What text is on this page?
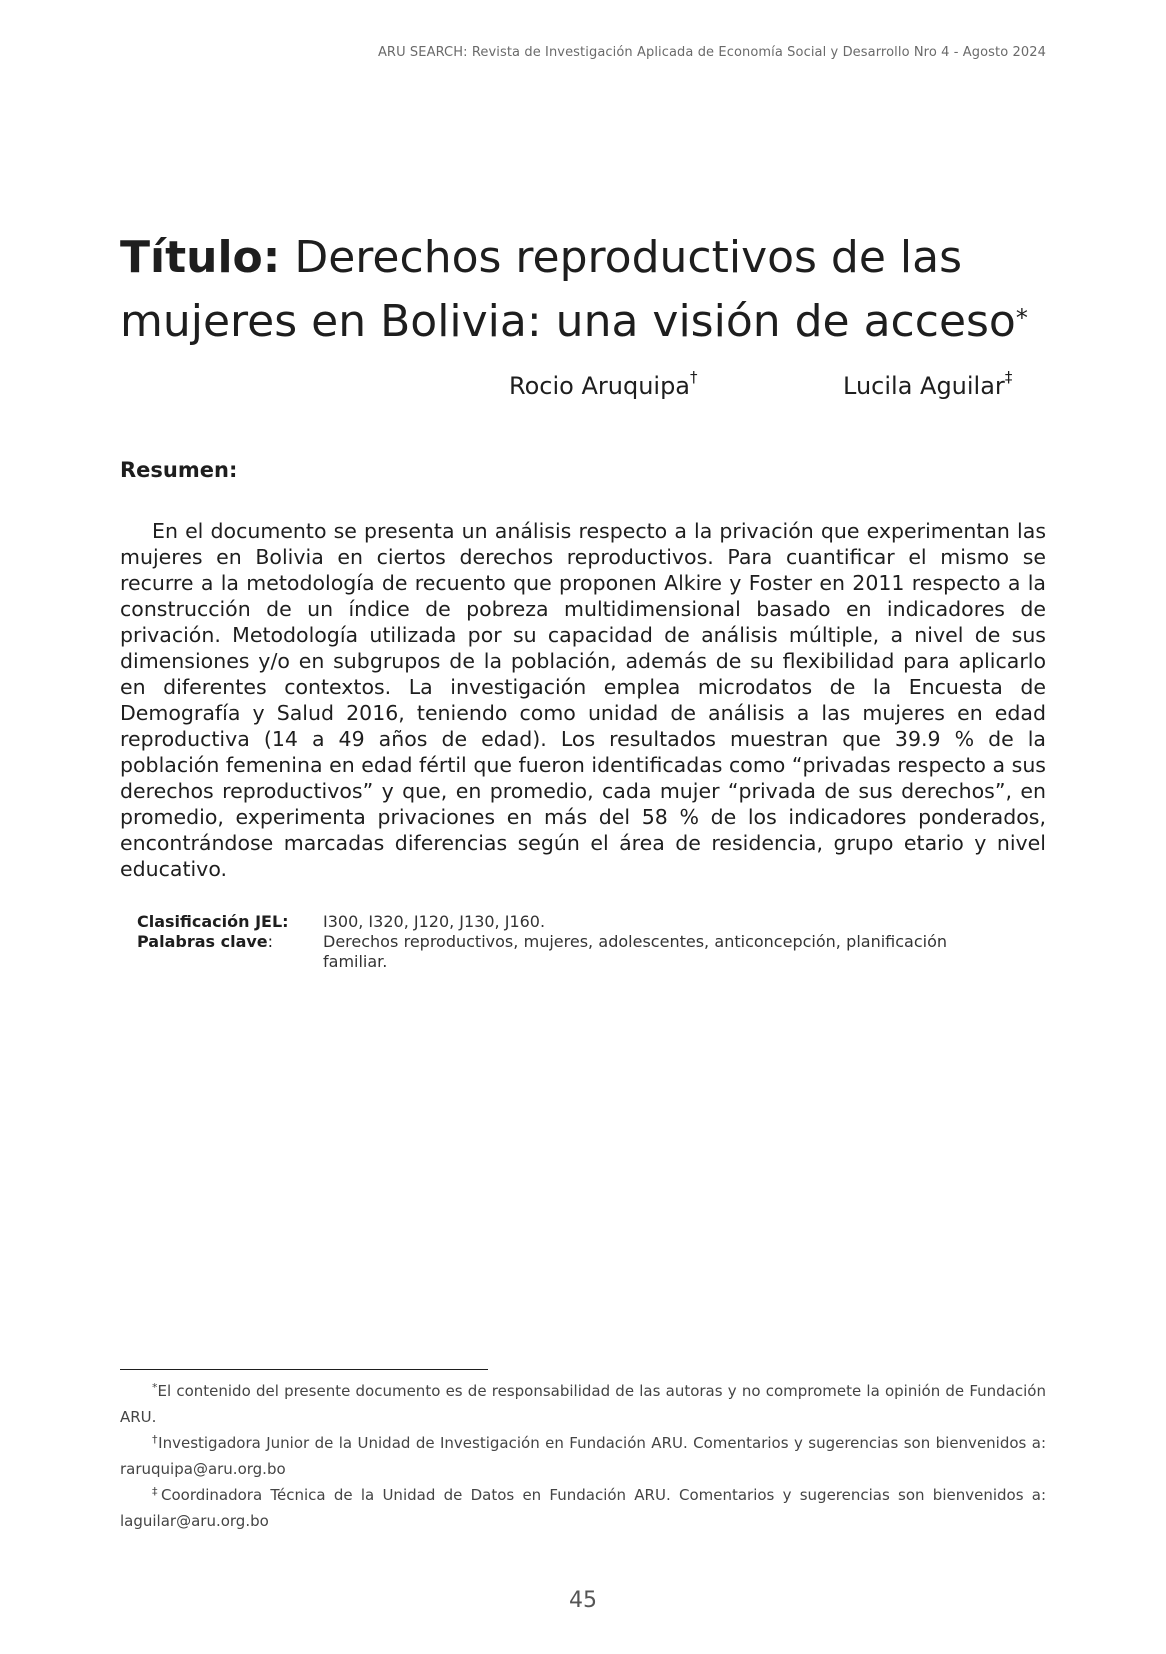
ARU SEARCH: Revista de Investigación Aplicada de Economía Social y Desarrollo Nro 4 - Agosto 2024
Título: Derechos reproductivos de las mujeres en Bolivia: una visión de acceso*
Rocio Aruquipa†	Lucila Aguilar‡
Resumen:

En el documento se presenta un análisis respecto a la privación que experimentan las mujeres en Bolivia en ciertos derechos reproductivos. Para cuantificar el mismo se recurre a la metodología de recuento que proponen Alkire y Foster en 2011 respecto a la construcción de un índice de pobreza multidimensional basado en indicadores de privación. Metodología utilizada por su capacidad de análisis múltiple, a nivel de sus dimensiones y/o en subgrupos de la población, además de su flexibilidad para aplicarlo en diferentes contextos. La investigación emplea microdatos de la Encuesta de Demografía y Salud 2016, teniendo como unidad de análisis a las mujeres en edad reproductiva (14 a 49 años de edad). Los resultados muestran que 39.9 % de la población femenina en edad fértil que fueron identificadas como “privadas respecto a sus derechos reproductivos” y que, en promedio, cada mujer “privada de sus derechos”, en promedio, experimenta privaciones en más del 58 % de los indicadores ponderados, encontrándose marcadas diferencias según el área de residencia, grupo etario y nivel educativo.

Clasificación JEL:	I300, I320, J120, J130, J160.
Palabras clave:	Derechos reproductivos, mujeres, adolescentes, anticoncepción, planificación familiar.

*El contenido del presente documento es de responsabilidad de las autoras y no compromete la opinión de Fundación ARU.

†Investigadora Junior de la Unidad de Investigación en Fundación ARU. Comentarios y sugerencias son bienvenidos a: raruquipa@aru.org.bo

‡Coordinadora Técnica de la Unidad de Datos en Fundación ARU. Comentarios y sugerencias son bienvenidos a: laguilar@aru.org.bo

45
